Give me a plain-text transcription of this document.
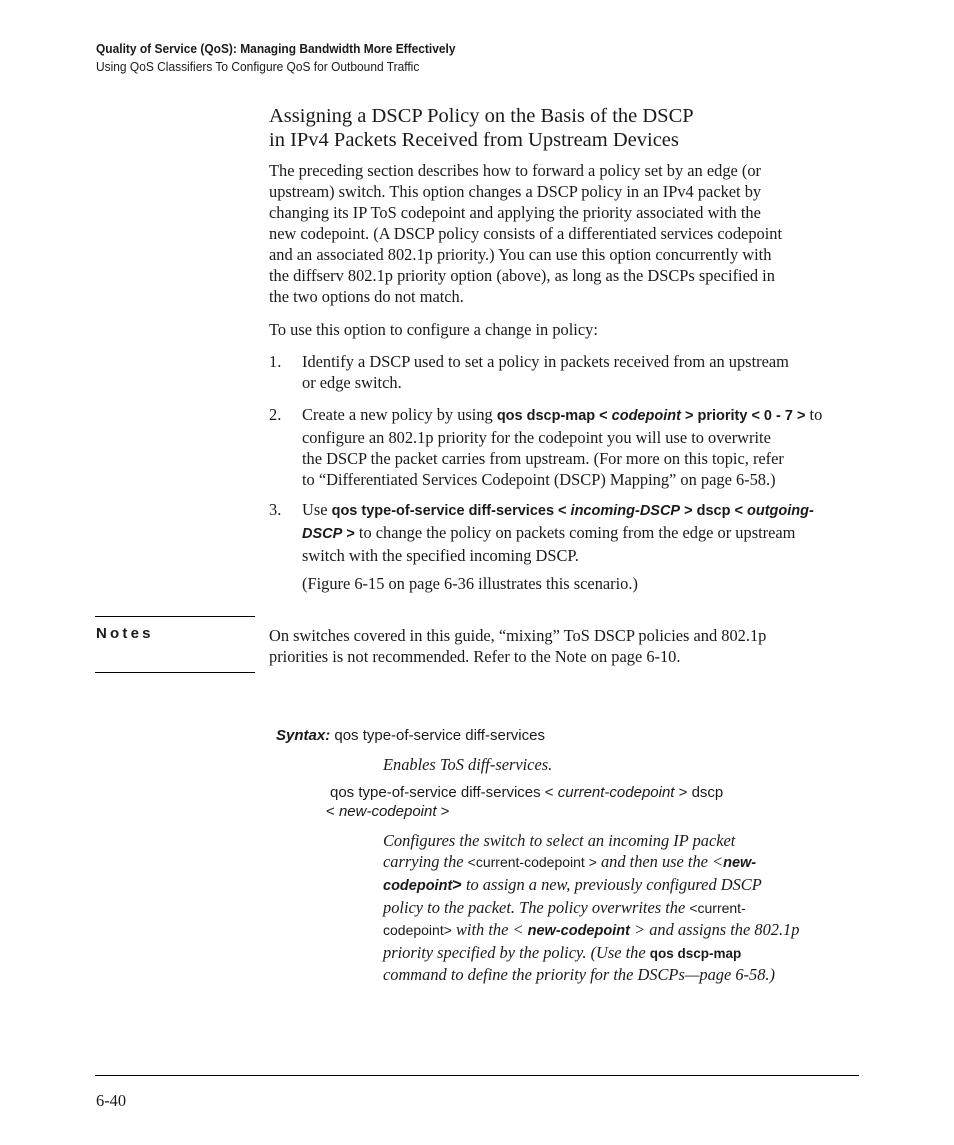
Quality of Service (QoS): Managing Bandwidth More Effectively
Using QoS Classifiers To Configure QoS for Outbound Traffic
Assigning a DSCP Policy on the Basis of the DSCP
in IPv4 Packets Received from Upstream Devices
The preceding section describes how to forward a policy set by an edge (or
upstream) switch. This option changes a DSCP policy in an IPv4 packet by
changing its IP ToS codepoint and applying the priority associated with the
new codepoint. (A DSCP policy consists of a differentiated services codepoint
and an associated 802.1p priority.) You can use this option concurrently with
the diffserv 802.1p priority option (above), as long as the DSCPs specified in
the two options do not match.
To use this option to configure a change in policy:
1. Identify a DSCP used to set a policy in packets received from an upstream
or edge switch.
2. Create a new policy by using qos dscp-map < codepoint > priority < 0 - 7 > to
configure an 802.1p priority for the codepoint you will use to overwrite
the DSCP the packet carries from upstream. (For more on this topic, refer
to “Differentiated Services Codepoint (DSCP) Mapping” on page 6-58.)
3. Use qos type-of-service diff-services < incoming-DSCP > dscp < outgoing-
DSCP > to change the policy on packets coming from the edge or upstream
switch with the specified incoming DSCP.
(Figure 6-15 on page 6-36 illustrates this scenario.)
Notes	On switches covered in this guide, “mixing” ToS DSCP policies and 802.1p
priorities is not recommended. Refer to the Note on page 6-10.
Syntax: qos type-of-service diff-services
Enables ToS diff-services.
qos type-of-service diff-services < current-codepoint > dscp
< new-codepoint >
Configures the switch to select an incoming IP packet
carrying the <current-codepoint > and then use the <new-
codepoint> to assign a new, previously configured DSCP
policy to the packet. The policy overwrites the <current-
codepoint> with the < new-codepoint > and assigns the 802.1p
priority specified by the policy. (Use the qos dscp-map
command to define the priority for the DSCPs—page 6-58.)
6-40
